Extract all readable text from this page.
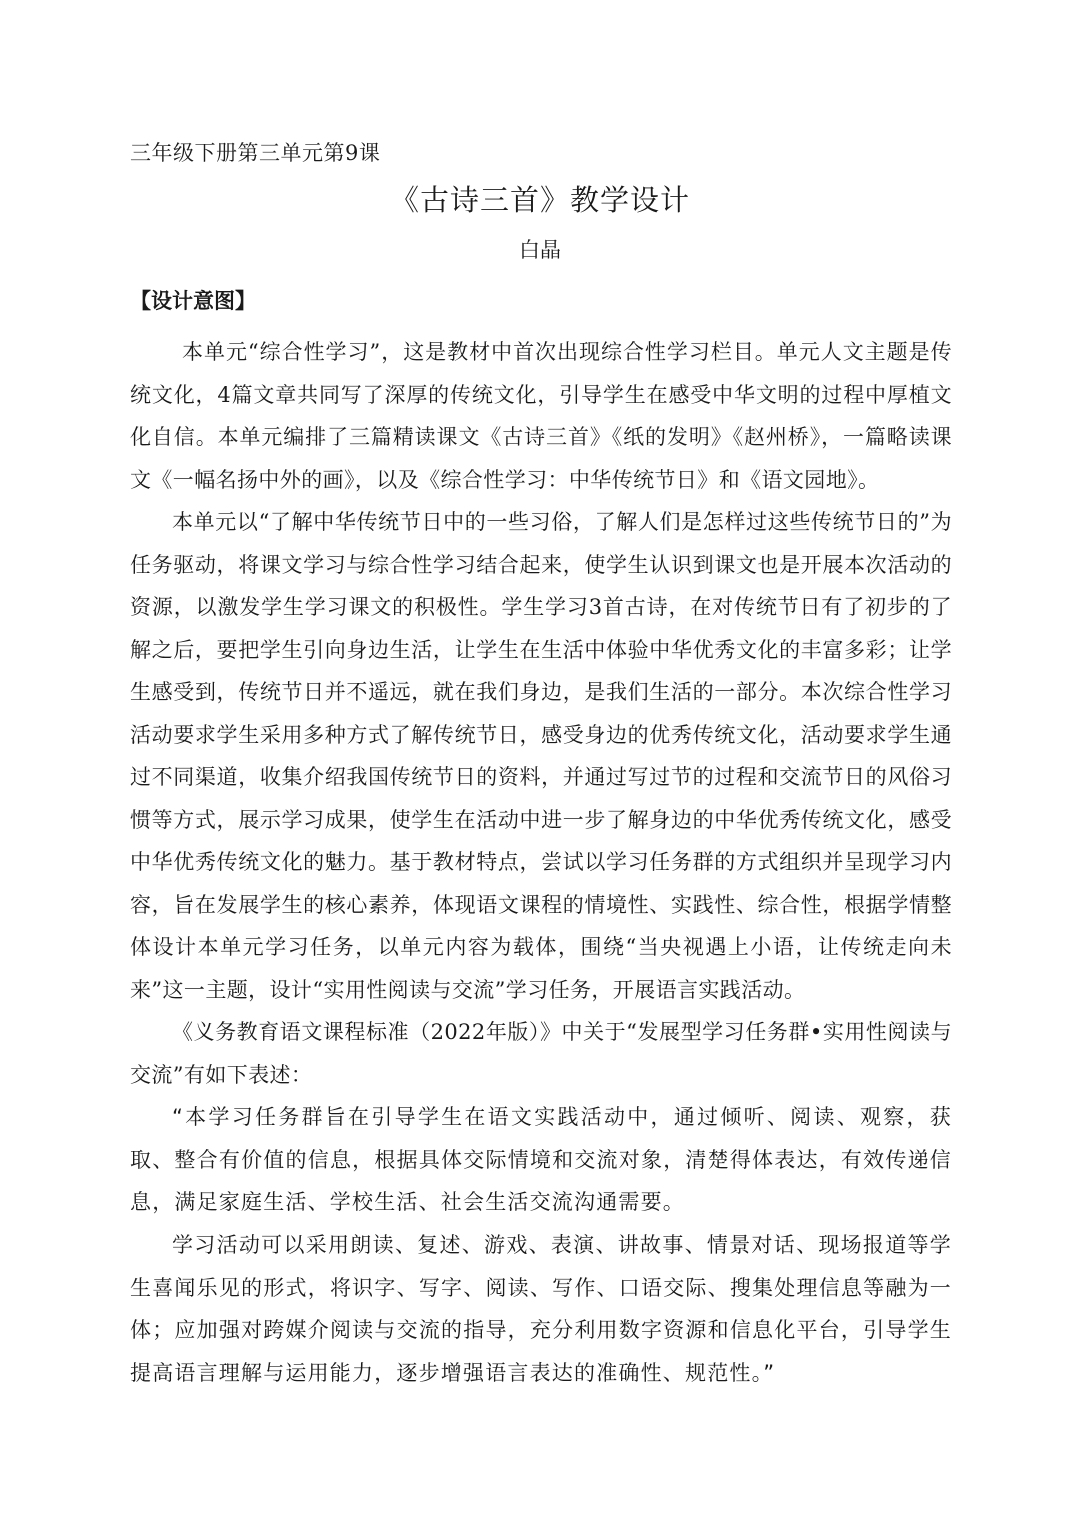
三年级下册第三单元第9课
《古诗三首》教学设计
白晶
【设计意图】

本单元“综合性学习”，这是教材中首次出现综合性学习栏目。单元人文主题是传统文化，4篇文章共同写了深厚的传统文化，引导学生在感受中华文明的过程中厚植文化自信。本单元编排了三篇精读课文《古诗三首》《纸的发明》《赵州桥》，一篇略读课文《一幅名扬中外的画》，以及《综合性学习：中华传统节日》和《语文园地》。

本单元以“了解中华传统节日中的一些习俗，了解人们是怎样过这些传统节日的”为任务驱动，将课文学习与综合性学习结合起来，使学生认识到课文也是开展本次活动的资源，以激发学生学习课文的积极性。学生学习3首古诗，在对传统节日有了初步的了解之后，要把学生引向身边生活，让学生在生活中体验中华优秀文化的丰富多彩；让学生感受到，传统节日并不遥远，就在我们身边，是我们生活的一部分。本次综合性学习活动要求学生采用多种方式了解传统节日，感受身边的优秀传统文化，活动要求学生通过不同渠道，收集介绍我国传统节日的资料，并通过写过节的过程和交流节日的风俗习惯等方式，展示学习成果，使学生在活动中进一步了解身边的中华优秀传统文化，感受中华优秀传统文化的魅力。基于教材特点，尝试以学习任务群的方式组织并呈现学习内容，旨在发展学生的核心素养，体现语文课程的情境性、实践性、综合性，根据学情整体设计本单元学习任务，以单元内容为载体，围绕“当央视遇上小语，让传统走向未来”这一主题，设计“实用性阅读与交流”学习任务，开展语言实践活动。

《义务教育语文课程标准（2022年版）》中关于“发展型学习任务群•实用性阅读与交流”有如下表述：

“本学习任务群旨在引导学生在语文实践活动中，通过倾听、阅读、观察，获取、整合有价值的信息，根据具体交际情境和交流对象，清楚得体表达，有效传递信息，满足家庭生活、学校生活、社会生活交流沟通需要。

学习活动可以采用朗读、复述、游戏、表演、讲故事、情景对话、现场报道等学生喜闻乐见的形式，将识字、写字、阅读、写作、口语交际、搜集处理信息等融为一体；应加强对跨媒介阅读与交流的指导，充分利用数字资源和信息化平台，引导学生提高语言理解与运用能力，逐步增强语言表达的准确性、规范性。”
